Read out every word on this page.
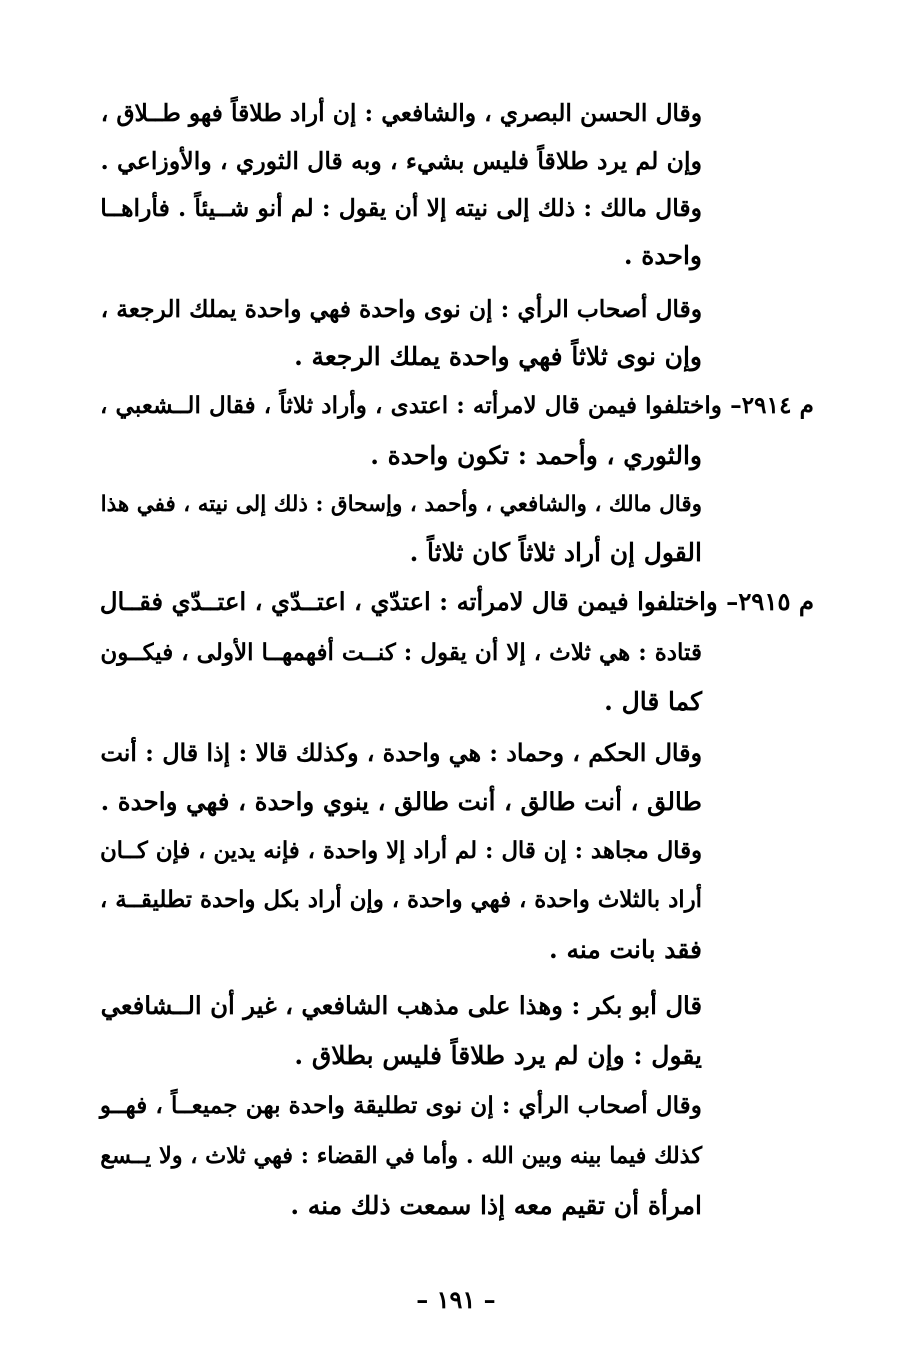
وقال الحسن البصري ، والشافعي : إن أراد طلاقاً فهو طــلاق ،
وإن لم يرد طلاقاً فليس بشيء ، وبه قال الثوري ، والأوزاعي .
وقال مالك : ذلك إلى نيته إلا أن يقول : لم أنو شــيئاً . فأراهــا
واحدة .
وقال أصحاب الرأي : إن نوى واحدة فهي واحدة يملك الرجعة ،
وإن نوى ثلاثاً فهي واحدة يملك الرجعة .
م ٢٩١٤– واختلفوا فيمن قال لامرأته : اعتدى ، وأراد ثلاثاً ، فقال الــشعبي ،
والثوري ، وأحمد : تكون واحدة .
وقال مالك ، والشافعي ، وأحمد ، وإسحاق : ذلك إلى نيته ، ففي هذا
القول إن أراد ثلاثاً كان ثلاثاً .
م ٢٩١٥– واختلفوا فيمن قال لامرأته : اعتدّي ، اعتــدّي ، اعتــدّي فقــال
قتادة : هي ثلاث ، إلا أن يقول : كنــت أفهمهــا الأولى ، فيكــون
كما قال .
وقال الحكم ، وحماد : هي واحدة ، وكذلك قالا : إذا قال : أنت
طالق ، أنت طالق ، أنت طالق ، ينوي واحدة ، فهي واحدة .
وقال مجاهد : إن قال : لم أراد إلا واحدة ، فإنه يدين ، فإن كــان
أراد بالثلاث واحدة ، فهي واحدة ، وإن أراد بكل واحدة تطليقــة ،
فقد بانت منه .
قال أبو بكر : وهذا على مذهب الشافعي ، غير أن الــشافعي
يقول : وإن لم يرد طلاقاً فليس بطلاق .
وقال أصحاب الرأي : إن نوى تطليقة واحدة بهن جميعــاً ، فهــو
كذلك فيما بينه وبين الله . وأما في القضاء : فهي ثلاث ، ولا يــسع
امرأة أن تقيم معه إذا سمعت ذلك منه .
– ١٩١ –
